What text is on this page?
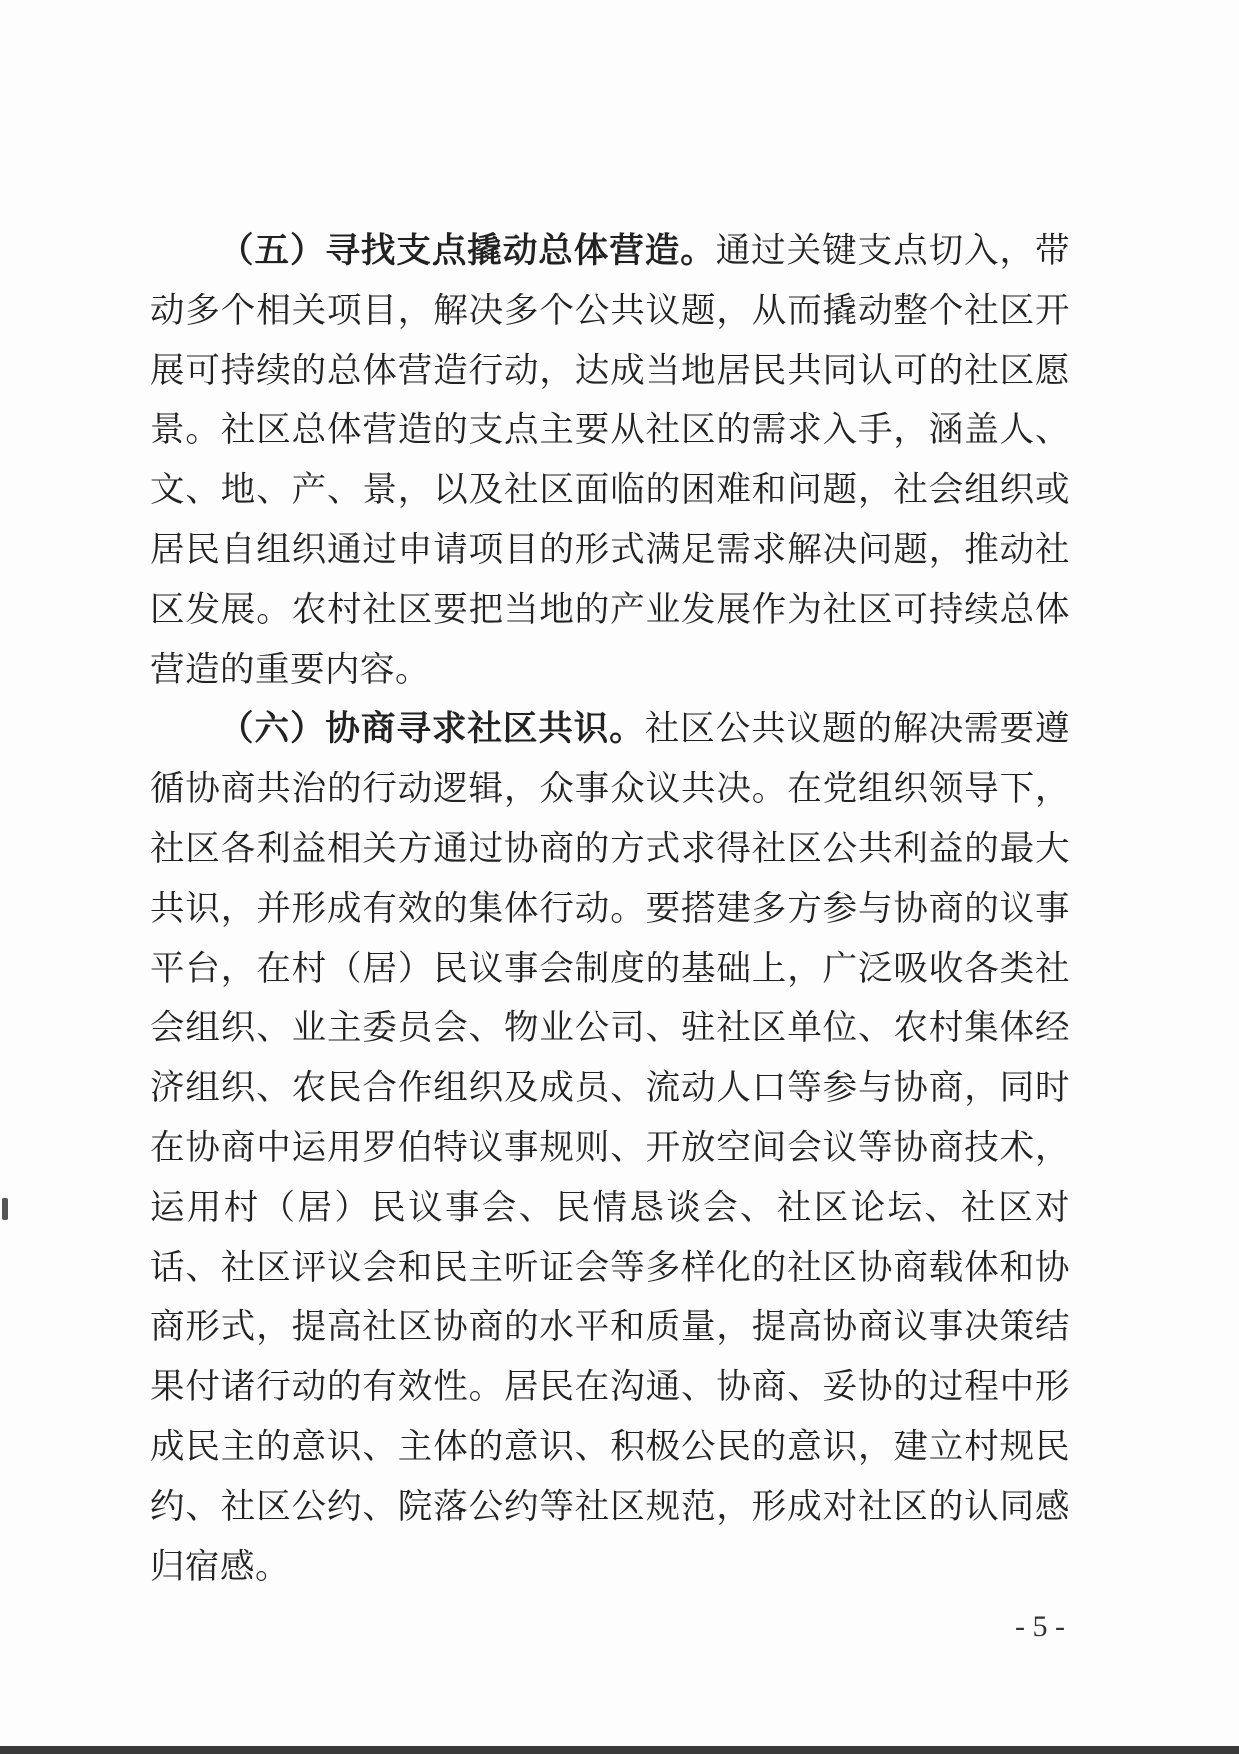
（五）寻找支点撬动总体营造。通过关键支点切入，带动多个相关项目，解决多个公共议题，从而撬动整个社区开展可持续的总体营造行动，达成当地居民共同认可的社区愿景。社区总体营造的支点主要从社区的需求入手，涵盖人、文、地、产、景，以及社区面临的困难和问题，社会组织或居民自组织通过申请项目的形式满足需求解决问题，推动社区发展。农村社区要把当地的产业发展作为社区可持续总体营造的重要内容。

（六）协商寻求社区共识。社区公共议题的解决需要遵循协商共治的行动逻辑，众事众议共决。在党组织领导下，社区各利益相关方通过协商的方式求得社区公共利益的最大共识，并形成有效的集体行动。要搭建多方参与协商的议事平台，在村（居）民议事会制度的基础上，广泛吸收各类社会组织、业主委员会、物业公司、驻社区单位、农村集体经济组织、农民合作组织及成员、流动人口等参与协商，同时在协商中运用罗伯特议事规则、开放空间会议等协商技术，运用村（居）民议事会、民情恳谈会、社区论坛、社区对话、社区评议会和民主听证会等多样化的社区协商载体和协商形式，提高社区协商的水平和质量，提高协商议事决策结果付诸行动的有效性。居民在沟通、协商、妥协的过程中形成民主的意识、主体的意识、积极公民的意识，建立村规民约、社区公约、院落公约等社区规范，形成对社区的认同感归宿感。

- 5 -
